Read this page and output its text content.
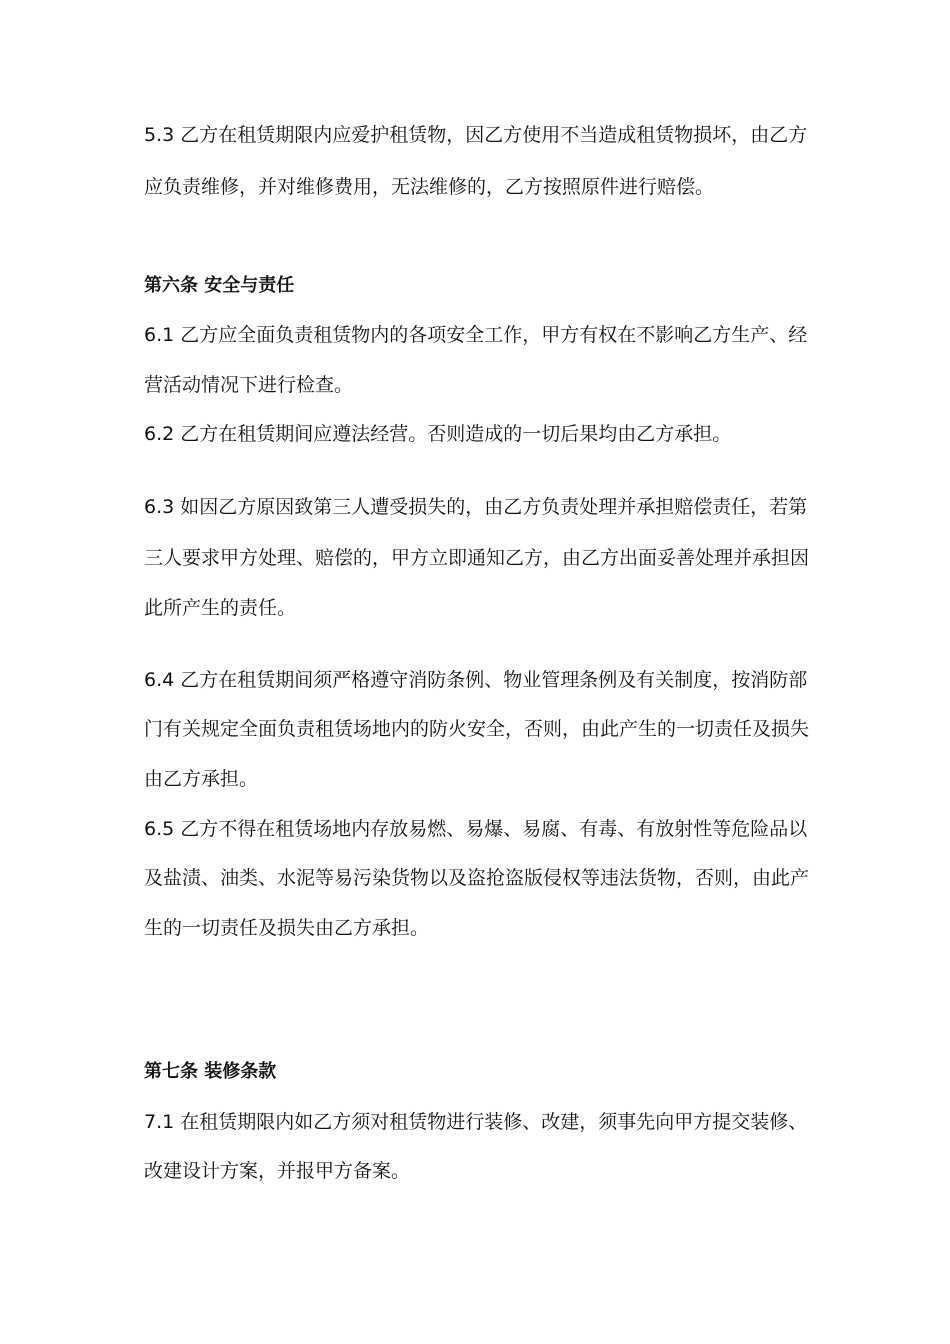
5.3 乙方在租赁期限内应爱护租赁物，因乙方使用不当造成租赁物损坏，由乙方
应负责维修，并对维修费用，无法维修的，乙方按照原件进行赔偿。
第六条 安全与责任
6.1 乙方应全面负责租赁物内的各项安全工作，甲方有权在不影响乙方生产、经
营活动情况下进行检查。
6.2 乙方在租赁期间应遵法经营。否则造成的一切后果均由乙方承担。
6.3 如因乙方原因致第三人遭受损失的，由乙方负责处理并承担赔偿责任，若第
三人要求甲方处理、赔偿的，甲方立即通知乙方，由乙方出面妥善处理并承担因
此所产生的责任。
6.4 乙方在租赁期间须严格遵守消防条例、物业管理条例及有关制度，按消防部
门有关规定全面负责租赁场地内的防火安全，否则，由此产生的一切责任及损失
由乙方承担。
6.5 乙方不得在租赁场地内存放易燃、易爆、易腐、有毒、有放射性等危险品以
及盐渍、油类、水泥等易污染货物以及盗抢盗版侵权等违法货物，否则，由此产
生的一切责任及损失由乙方承担。
第七条 装修条款
7.1 在租赁期限内如乙方须对租赁物进行装修、改建，须事先向甲方提交装修、
改建设计方案，并报甲方备案。
